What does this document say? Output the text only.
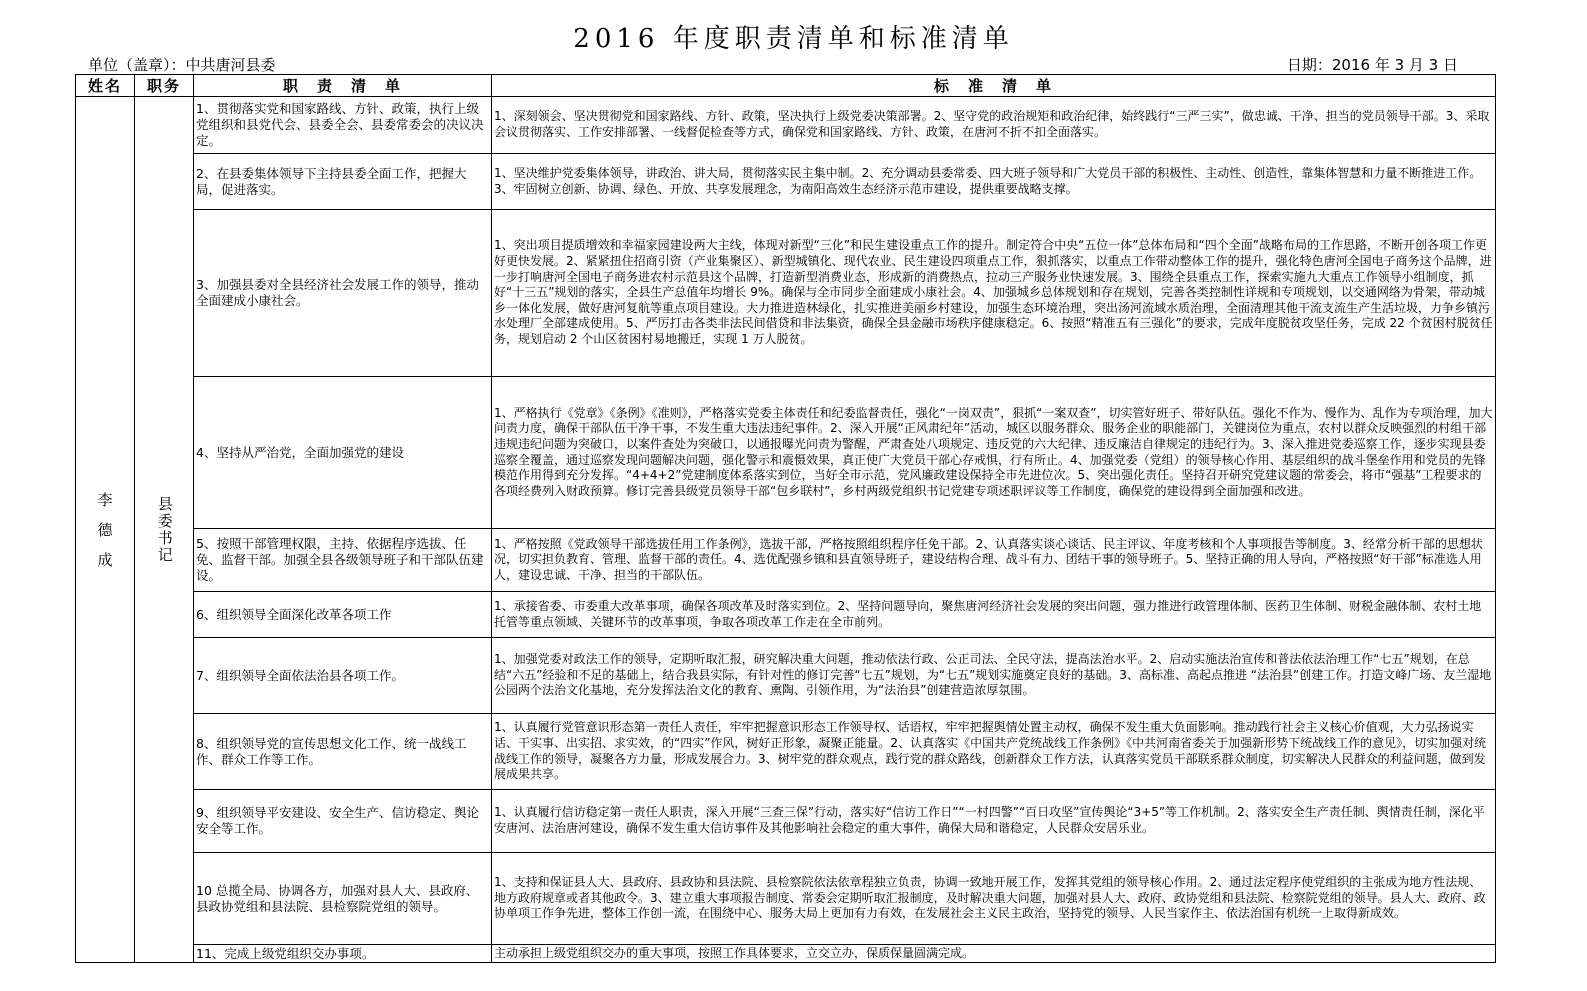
2016 年度职责清单和标准清单
单位（盖章）：中共唐河县委	日期：2016 年 3 月 3 日
姓名	职务	职　责　清　单	标　准　清　单

李
德
成	县委书记	1、贯彻落实党和国家路线、方针、政策，执行上级党组织和县党代会、县委全会、县委常委会的决议决定。	1、深刻领会、坚决贯彻党和国家路线、方针、政策，坚决执行上级党委决策部署。2、坚守党的政治规矩和政治纪律，始终践行“三严三实”，做忠诚、干净、担当的党员领导干部。3、采取会议贯彻落实、工作安排部署、一线督促检查等方式，确保党和国家路线、方针、政策，在唐河不折不扣全面落实。
		2、在县委集体领导下主持县委全面工作，把握大局，促进落实。	1、坚决维护党委集体领导，讲政治、讲大局，贯彻落实民主集中制。2、充分调动县委常委、四大班子领导和广大党员干部的积极性、主动性、创造性，靠集体智慧和力量不断推进工作。3、牢固树立创新、协调、绿色、开放、共享发展理念，为南阳高效生态经济示范市建设，提供重要战略支撑。
		3、加强县委对全县经济社会发展工作的领导，推动全面建成小康社会。	1、突出项目提质增效和幸福家园建设两大主线，体现对新型“三化”和民生建设重点工作的提升。制定符合中央“五位一体”总体布局和“四个全面”战略布局的工作思路，不断开创各项工作更好更快发展。2、紧紧扭住招商引资（产业集聚区）、新型城镇化、现代农业、民生建设四项重点工作，狠抓落实，以重点工作带动整体工作的提升，强化特色唐河全国电子商务这个品牌，进一步打响唐河全国电子商务进农村示范县这个品牌，打造新型消费业态，形成新的消费热点，拉动三产服务业快速发展。3、围绕全县重点工作，探索实施九大重点工作领导小组制度，抓好“十三五”规划的落实，全县生产总值年均增长 9%。确保与全市同步全面建成小康社会。4、加强城乡总体规划和存在规划，完善各类控制性详规和专项规划，以交通网络为骨架，带动城乡一体化发展，做好唐河复航等重点项目建设。大力推进造林绿化，扎实推进美丽乡村建设，加强生态环境治理，突出汤河流域水质治理，全面清理其他干流支流生产生活垃圾，力争乡镇污水处理厂全部建成使用。5、严厉打击各类非法民间借贷和非法集资，确保全县金融市场秩序健康稳定。6、按照“精准五有三强化”的要求，完成年度脱贫攻坚任务，完成 22 个贫困村脱贫任务，规划启动 2 个山区贫困村易地搬迁，实现 1 万人脱贫。
		4、坚持从严治党，全面加强党的建设	1、严格执行《党章》《条例》《准则》，严格落实党委主体责任和纪委监督责任，强化“一岗双责”，狠抓“一案双查”，切实管好班子、带好队伍。强化不作为、慢作为、乱作为专项治理，加大问责力度，确保干部队伍干净干事，不发生重大违法违纪事件。2、深入开展“正风肃纪年”活动，城区以服务群众、服务企业的职能部门，关键岗位为重点，农村以群众反映强烈的村组干部违规违纪问题为突破口，以案件查处为突破口，以通报曝光问责为警醒，严肃查处八项规定、违反党的六大纪律、违反廉洁自律规定的违纪行为。3、深入推进党委巡察工作，逐步实现县委巡察全覆盖，通过巡察发现问题解决问题，强化警示和震慑效果，真正使广大党员干部心存戒惧，行有所止。4、加强党委（党组）的领导核心作用、基层组织的战斗堡垒作用和党员的先锋模范作用得到充分发挥。“4+4+2”党建制度体系落实到位，当好全市示范，党风廉政建设保持全市先进位次。5、突出强化责任。坚持召开研究党建议题的常委会，将市“强基”工程要求的各项经费列入财政预算。修订完善县级党员领导干部“包乡联村”，乡村两级党组织书记党建专项述职评议等工作制度，确保党的建设得到全面加强和改进。
		5、按照干部管理权限，主持、依据程序选拔、任免、监督干部。加强全县各级领导班子和干部队伍建设。	1、严格按照《党政领导干部选拔任用工作条例》，选拔干部，严格按照组织程序任免干部。2、认真落实谈心谈话、民主评议、年度考核和个人事项报告等制度。3、经常分析干部的思想状况，切实担负教育、管理、监督干部的责任。4、选优配强乡镇和县直领导班子，建设结构合理、战斗有力、团结干事的领导班子。5、坚持正确的用人导向，严格按照“好干部”标准选人用人，建设忠诚、干净、担当的干部队伍。
		6、组织领导全面深化改革各项工作	1、承接省委、市委重大改革事项，确保各项改革及时落实到位。2、坚持问题导向，聚焦唐河经济社会发展的突出问题，强力推进行政管理体制、医药卫生体制、财税金融体制、农村土地托管等重点领域、关键环节的改革事项，争取各项改革工作走在全市前列。
		7、组织领导全面依法治县各项工作。	1、加强党委对政法工作的领导，定期听取汇报，研究解决重大问题，推动依法行政、公正司法、全民守法，提高法治水平。2、启动实施法治宣传和普法依法治理工作“七五”规划，在总结“六五”经验和不足的基础上，结合我县实际，有针对性的修订完善“七五”规划，为“七五”规划实施奠定良好的基础。3、高标准、高起点推进 “法治县”创建工作。打造文峰广场、友兰湿地公园两个法治文化基地，充分发挥法治文化的教育、熏陶、引领作用，为“法治县”创建营造浓厚氛围。
		8、组织领导党的宣传思想文化工作、统一战线工作、群众工作等工作。	1、认真履行党管意识形态第一责任人责任，牢牢把握意识形态工作领导权、话语权，牢牢把握舆情处置主动权，确保不发生重大负面影响。推动践行社会主义核心价值观，大力弘扬说实话、干实事、出实招、求实效，的“四实”作风，树好正形象，凝聚正能量。2、认真落实《中国共产党统战线工作条例》《中共河南省委关于加强新形势下统战线工作的意见》，切实加强对统战线工作的领导，凝聚各方力量，形成发展合力。3、树牢党的群众观点，践行党的群众路线，创新群众工作方法，认真落实党员干部联系群众制度，切实解决人民群众的利益问题，做到发展成果共享。
		9、组织领导平安建设、安全生产、信访稳定、舆论安全等工作。	1、认真履行信访稳定第一责任人职责，深入开展“三查三保”行动，落实好“信访工作日”“一村四警”“百日攻坚”宣传舆论“3+5”等工作机制。2、落实安全生产责任制、舆情责任制，深化平安唐河、法治唐河建设，确保不发生重大信访事件及其他影响社会稳定的重大事件，确保大局和谐稳定，人民群众安居乐业。
		10 总揽全局、协调各方，加强对县人大、县政府、县政协党组和县法院、县检察院党组的领导。	1、支持和保证县人大、县政府、县政协和县法院、县检察院依法依章程独立负责，协调一致地开展工作，发挥其党组的领导核心作用。2、通过法定程序使党组织的主张成为地方性法规、地方政府规章或者其他政令。3、建立重大事项报告制度、常委会定期听取汇报制度，及时解决重大问题，加强对县人大、政府、政协党组和县法院、检察院党组的领导。县人大、政府、政协单项工作争先进，整体工作创一流，在围绕中心、服务大局上更加有力有效，在发展社会主义民主政治，坚持党的领导、人民当家作主、依法治国有机统一上取得新成效。
		11、完成上级党组织交办事项。	主动承担上级党组织交办的重大事项，按照工作具体要求，立交立办，保质保量圆满完成。
